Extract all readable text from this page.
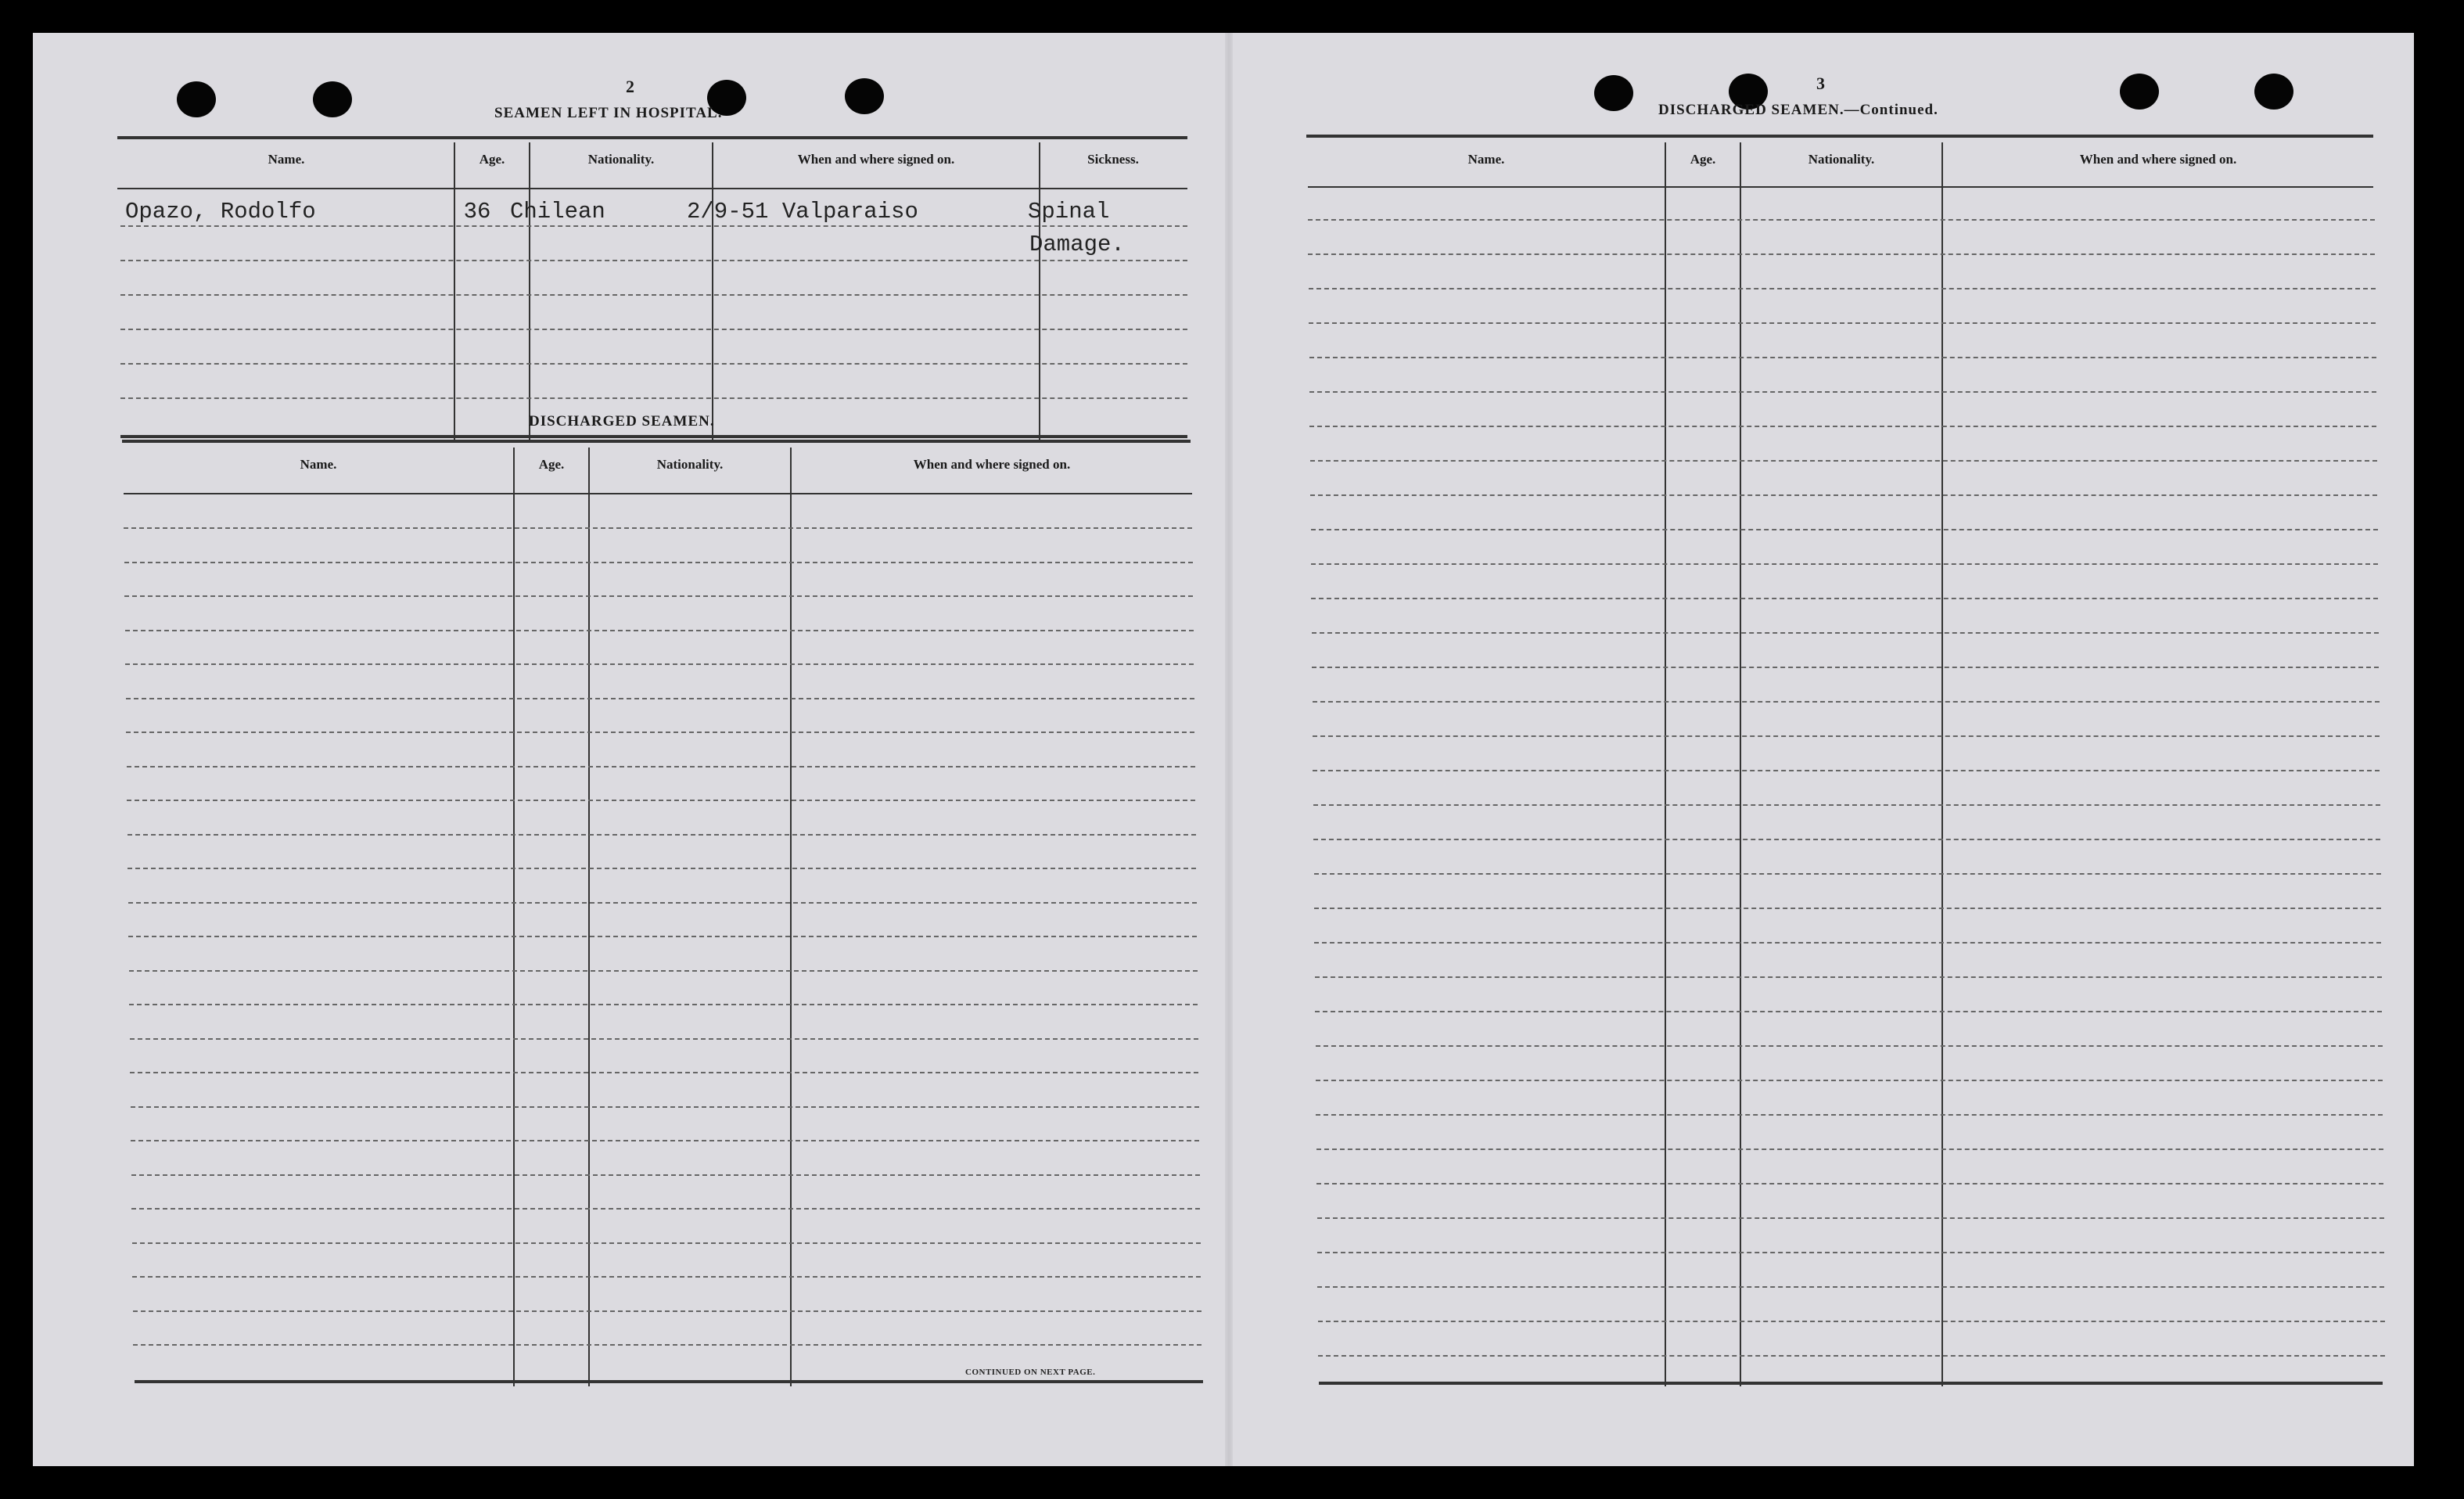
2
SEAMEN LEFT IN HOSPITAL.
Name.	Age.	Nationality.	When and where signed on.	Sickness.
Opazo, Rodolfo	36 Chilean	2/9-51 Valparaiso	Spinal
Damage.
DISCHARGED SEAMEN.
Name.	Age.	Nationality.	When and where signed on.
CONTINUED ON NEXT PAGE.
3
DISCHARGED SEAMEN.—Continued.
Name.	Age.	Nationality.	When and where signed on.
